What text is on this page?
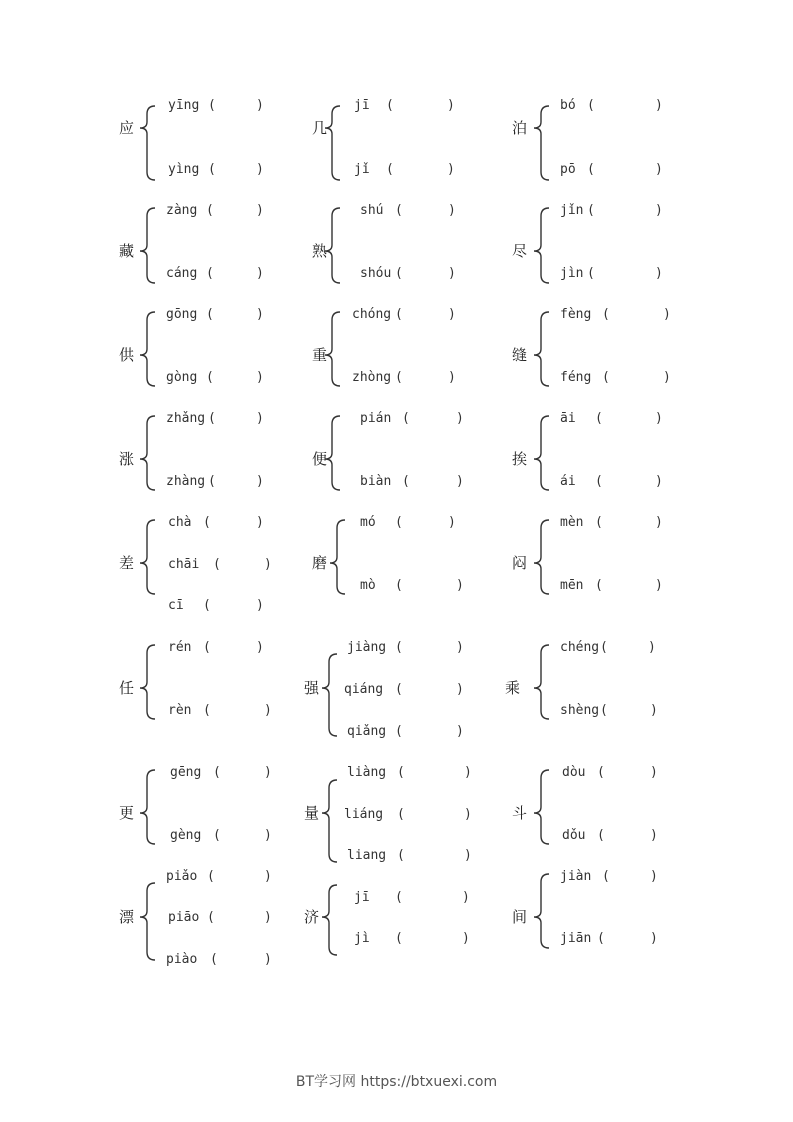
应
yīng (	)
yìng (	)
几
jī (	)
jǐ (	)
泊
bó (	)
pō (	)
藏
zàng (	)
cáng (	)
熟
shú (	)
shóu (	)
尽
jǐn (	)
jìn (	)
供
gōng (	)
gòng (	)
重
chóng (	)
zhòng (	)
缝
fèng (	)
féng (	)
涨
zhǎng (	)
zhàng (	)
便
pián (	)
biàn (	)
挨
āi (	)
ái (	)
差
chà (	)
chāi (	)
cī (	)
磨
mó (	)
mò (	)
闷
mèn (	)
mēn (	)
任
rén (	)
rèn (	)
强
jiàng (	)
qiáng (	)
qiǎng (	)
乘
chéng (	)
shèng (	)
更
gēng (	)
gèng (	)
量
liàng (	)
liáng (	)
liang (	)
斗
dòu (	)
dǒu (	)
漂
piǎo (	)
piāo (	)
piào (	)
济
jī (	)
jì (	)
间
jiàn (	)
jiān (	)
BT学习网 https://btxuexi.com
